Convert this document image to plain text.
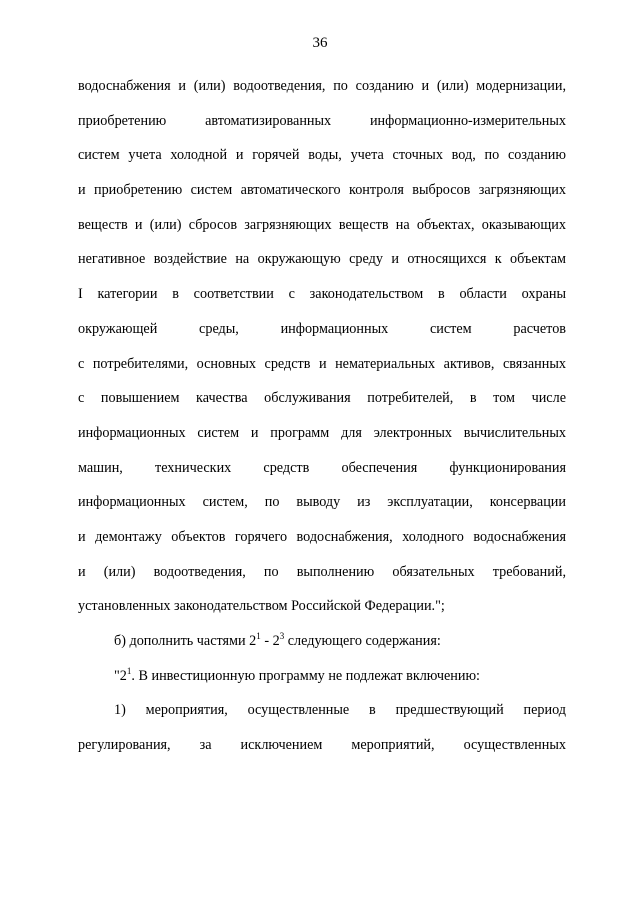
36
водоснабжения и (или) водоотведения, по созданию и (или) модернизации,
приобретению автоматизированных информационно-измерительных
систем учета холодной и горячей воды, учета сточных вод, по созданию
и приобретению систем автоматического контроля выбросов загрязняющих
веществ и (или) сбросов загрязняющих веществ на объектах, оказывающих
негативное воздействие на окружающую среду и относящихся к объектам
I категории в соответствии с законодательством в области охраны
окружающей среды, информационных систем расчетов
с потребителями, основных средств и нематериальных активов, связанных
с повышением качества обслуживания потребителей, в том числе
информационных систем и программ для электронных вычислительных
машин, технических средств обеспечения функционирования
информационных систем, по выводу из эксплуатации, консервации
и демонтажу объектов горячего водоснабжения, холодного водоснабжения
и (или) водоотведения, по выполнению обязательных требований,
установленных законодательством Российской Федерации.";
б) дополнить частями $2^1 - 2^3$ следующего содержания:
"$2^1$. В инвестиционную программу не подлежат включению:
1) мероприятия, осуществленные в предшествующий период
регулирования, за исключением мероприятий, осуществленных
